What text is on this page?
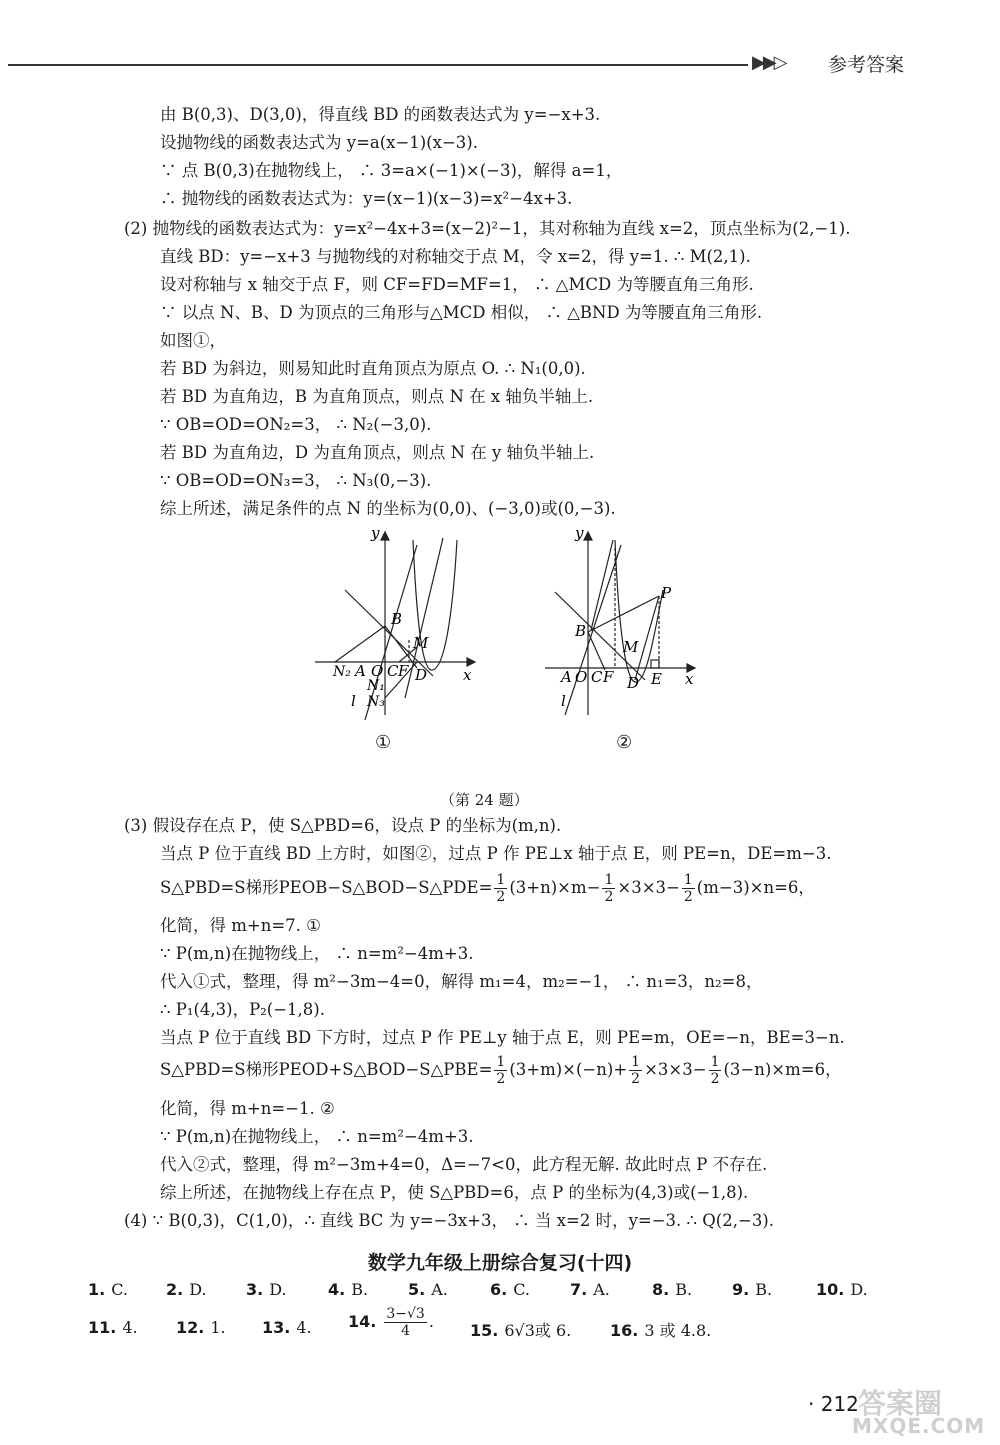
▶▶▷ 参考答案
由 B(0,3)、D(3,0)，得直线 BD 的函数表达式为 y=−x+3.
设抛物线的函数表达式为 y=a(x−1)(x−3).
∵ 点 B(0,3)在抛物线上， ∴ 3=a×(−1)×(−3)，解得 a=1，
∴ 抛物线的函数表达式为：y=(x−1)(x−3)=x²−4x+3.
(2) 抛物线的函数表达式为：y=x²−4x+3=(x−2)²−1，其对称轴为直线 x=2，顶点坐标为(2,−1).
直线 BD：y=−x+3 与抛物线的对称轴交于点 M，令 x=2，得 y=1. ∴ M(2,1).
设对称轴与 x 轴交于点 F，则 CF=FD=MF=1， ∴ △MCD 为等腰直角三角形.
∵ 以点 N、B、D 为顶点的三角形与△MCD 相似， ∴ △BND 为等腰直角三角形.
如图①，
若 BD 为斜边，则易知此时直角顶点为原点 O. ∴ N₁(0,0).
若 BD 为直角边，B 为直角顶点，则点 N 在 x 轴负半轴上.
∵ OB=OD=ON₂=3， ∴ N₂(−3,0).
若 BD 为直角边，D 为直角顶点，则点 N 在 y 轴负半轴上.
∵ OB=OD=ON₃=3， ∴ N₃(0,−3).
综上所述，满足条件的点 N 的坐标为(0,0)、(−3,0)或(0,−3).
y
x
B
M
N₂ A O C F D
N₁
l N₃
①
y
x
B
M
P
A O C F D E
l
②
（第 24 题）
(3) 假设存在点 P，使 S△PBD=6，设点 P 的坐标为(m,n).
当点 P 位于直线 BD 上方时，如图②，过点 P 作 PE⊥x 轴于点 E，则 PE=n，DE=m−3.
S△PBD=S梯形PEOB−S△BOD−S△PDE= $\frac{1}{2} (3+n)\times m- \frac{1}{2} \times 3\times 3- \frac{1}{2} (m-3)\times n=6$，
化简，得 m+n=7. ①
∵ P(m,n)在抛物线上， ∴ n=m²−4m+3.
代入①式，整理，得 m²−3m−4=0，解得 m₁=4，m₂=−1， ∴ n₁=3，n₂=8，
∴ P₁(4,3)，P₂(−1,8).
当点 P 位于直线 BD 下方时，过点 P 作 PE⊥y 轴于点 E，则 PE=m，OE=−n，BE=3−n.
S△PBD=S梯形PEOD+S△BOD−S△PBE= $\frac{1}{2} (3+m)\times(-n)+ \frac{1}{2} \times 3\times 3- \frac{1}{2} (3-n)\times m=6$，
化简，得 m+n=−1. ②
∵ P(m,n)在抛物线上， ∴ n=m²−4m+3.
代入②式，整理，得 m²−3m+4=0，Δ=−7<0，此方程无解. 故此时点 P 不存在.
综上所述，在抛物线上存在点 P，使 S△PBD=6，点 P 的坐标为(4,3)或(−1,8).
(4) ∵ B(0,3)，C(1,0)，∴ 直线 BC 为 y=−3x+3， ∴ 当 x=2 时，y=−3. ∴ Q(2,−3).
数学九年级上册综合复习(十四)
1. C. 2. D. 3. D.	4. B. 5. A.	6. C.	7. A.	8. B. 9. B.	10. D.
11. 4. 12. 1. 13. 4. 14. $\frac{3-√3}{4}$ . 15. 6√3或 6. 16. 3 或 4.8.
· 212 答案圈
MXQE.COM
